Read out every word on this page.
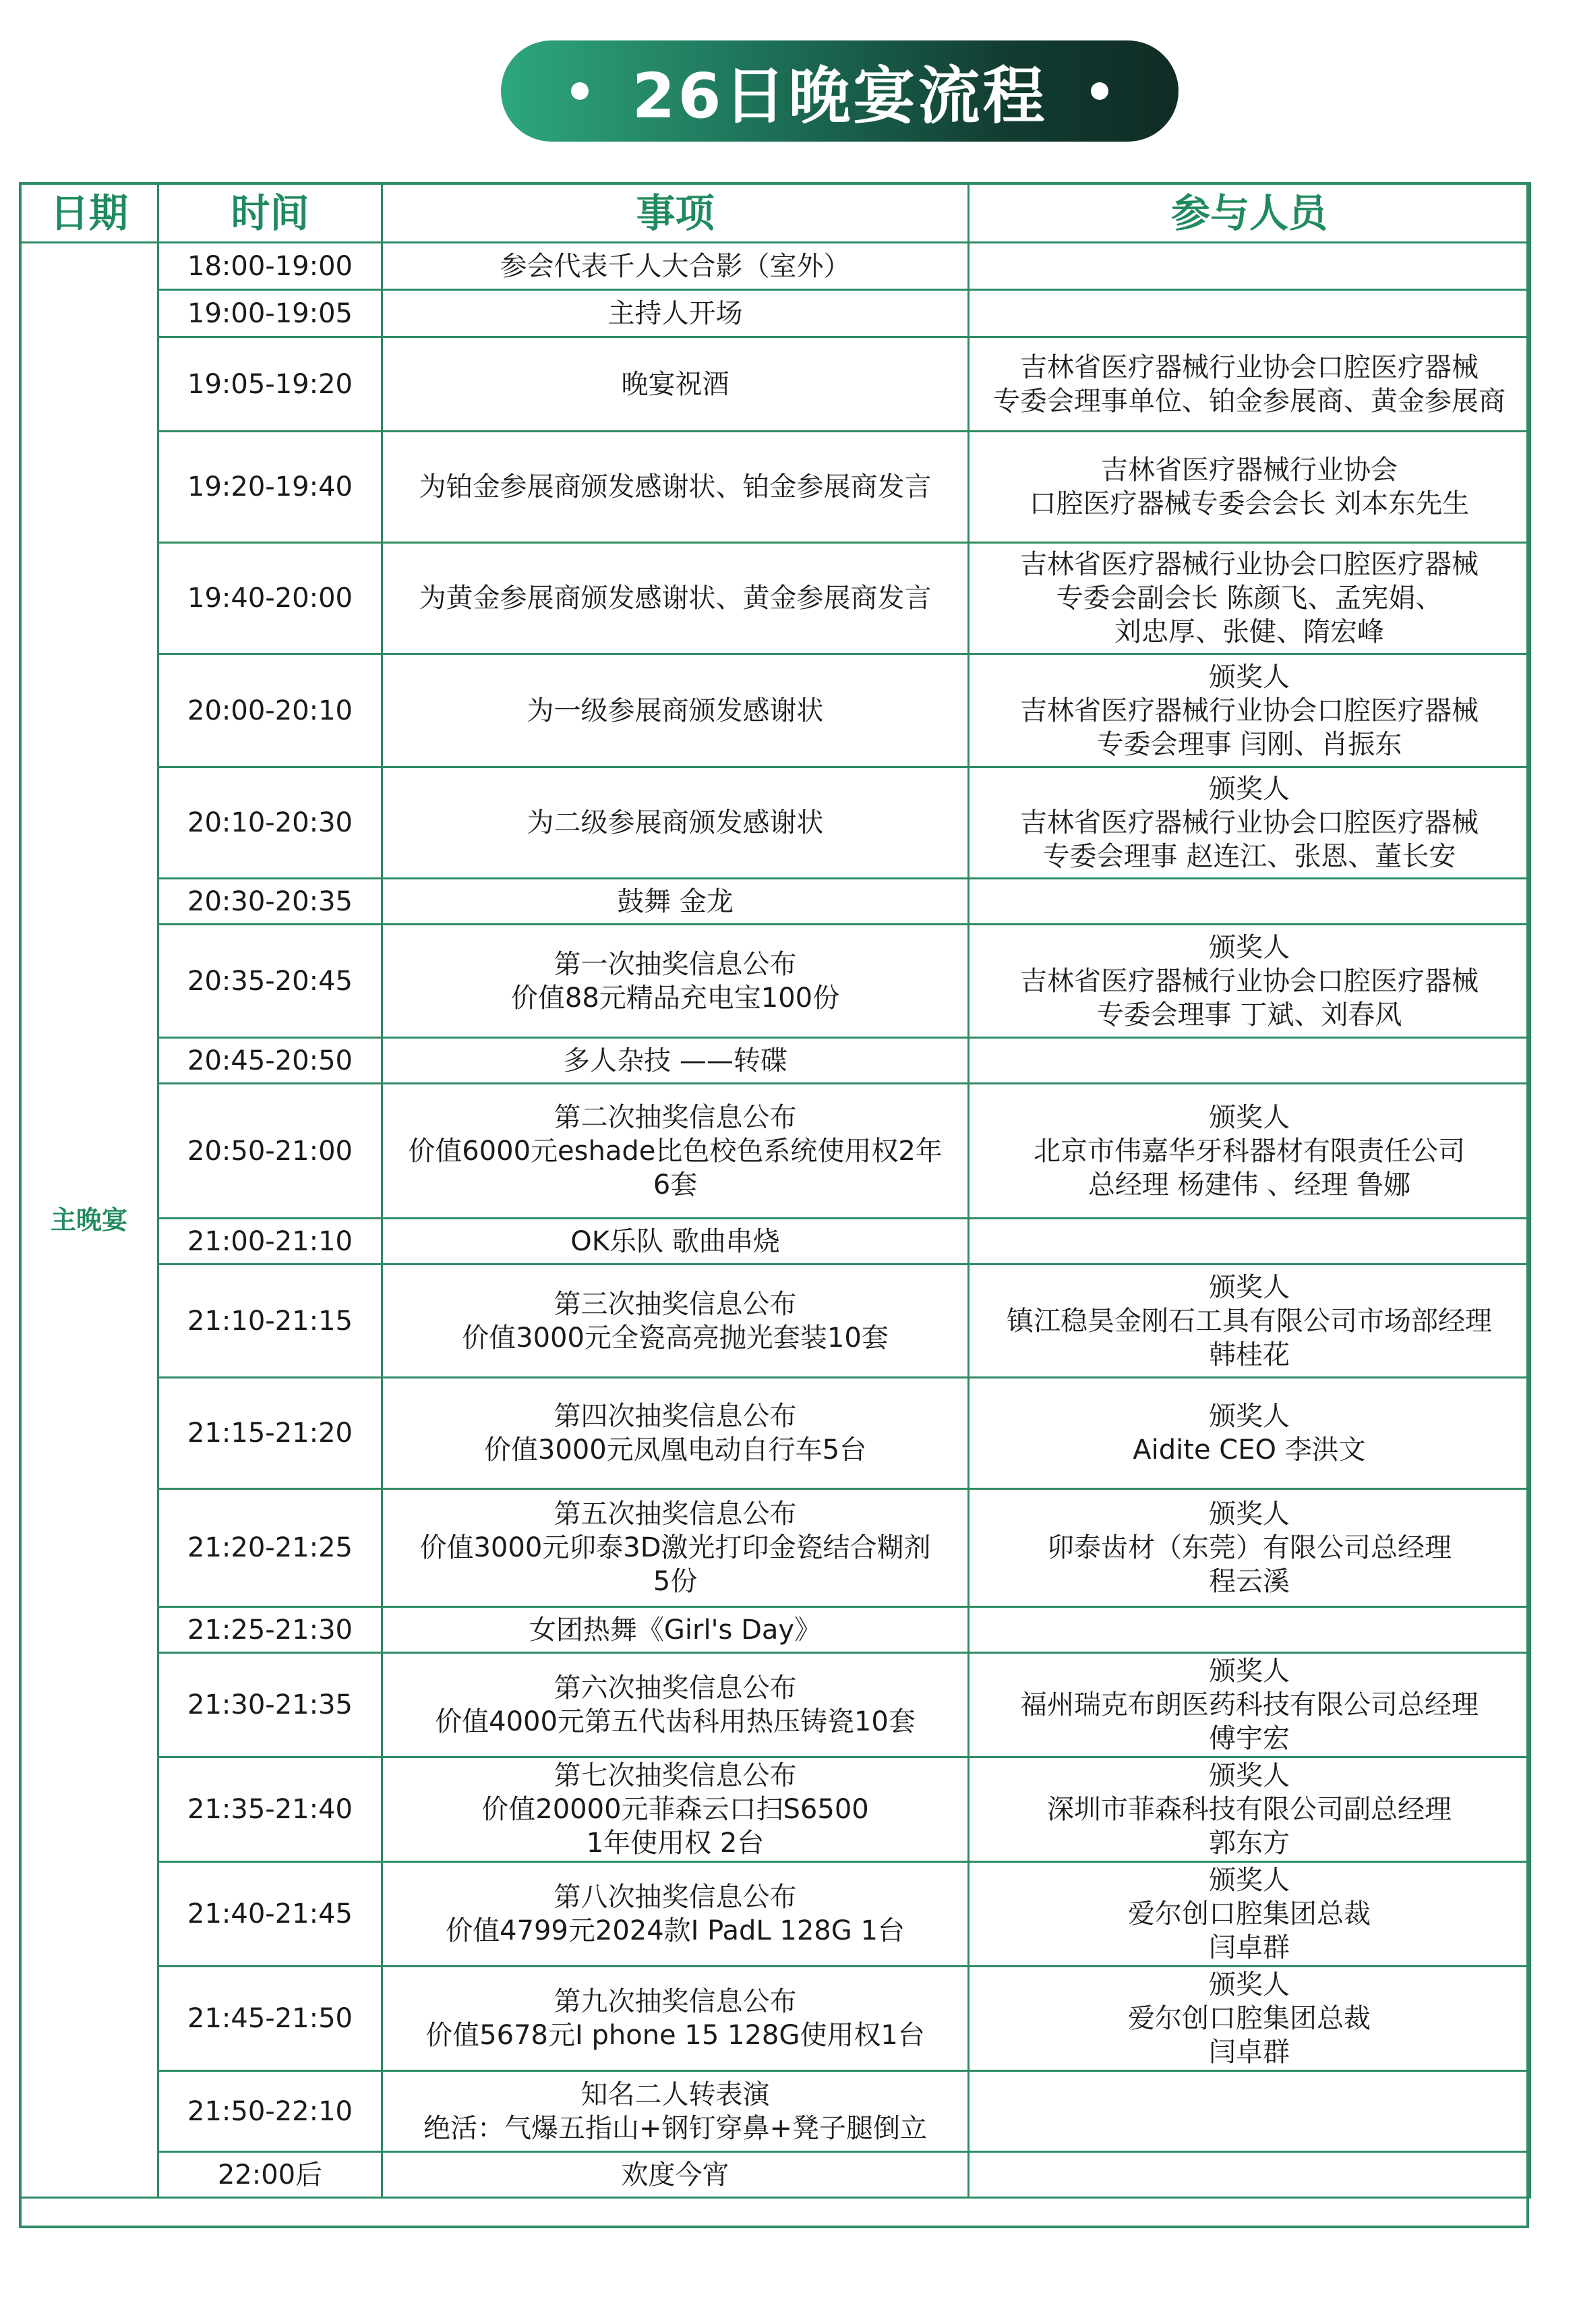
26日晚宴流程
日期	时间	事项	参与人员
主晚宴	18:00-19:00	参会代表千人大合影（室外）	
	19:00-19:05	主持人开场	
	19:05-19:20	晚宴祝酒	吉林省医疗器械行业协会口腔医疗器械
专委会理事单位、铂金参展商、黄金参展商
	19:20-19:40	为铂金参展商颁发感谢状、铂金参展商发言	吉林省医疗器械行业协会
口腔医疗器械专委会会长 刘本东先生
	19:40-20:00	为黄金参展商颁发感谢状、黄金参展商发言	吉林省医疗器械行业协会口腔医疗器械
专委会副会长 陈颜飞、孟宪娟、
刘忠厚、张健、隋宏峰
	20:00-20:10	为一级参展商颁发感谢状	颁奖人
吉林省医疗器械行业协会口腔医疗器械
专委会理事 闫刚、肖振东
	20:10-20:30	为二级参展商颁发感谢状	颁奖人
吉林省医疗器械行业协会口腔医疗器械
专委会理事 赵连江、张恩、董长安
	20:30-20:35	鼓舞 金龙	
	20:35-20:45	第一次抽奖信息公布
价值88元精品充电宝100份	颁奖人
吉林省医疗器械行业协会口腔医疗器械
专委会理事 丁斌、刘春风
	20:45-20:50	多人杂技 ——转碟	
	20:50-21:00	第二次抽奖信息公布
价值6000元eshade比色校色系统使用权2年
6套	颁奖人
北京市伟嘉华牙科器材有限责任公司
总经理 杨建伟 、经理 鲁娜
	21:00-21:10	OK乐队 歌曲串烧	
	21:10-21:15	第三次抽奖信息公布
价值3000元全瓷高亮抛光套装10套	颁奖人
镇江稳昊金刚石工具有限公司市场部经理
韩桂花
	21:15-21:20	第四次抽奖信息公布
价值3000元凤凰电动自行车5台	颁奖人
Aidite CEO 李洪文
	21:20-21:25	第五次抽奖信息公布
价值3000元卯泰3D激光打印金瓷结合糊剂
5份	颁奖人
卯泰齿材（东莞）有限公司总经理
程云溪
	21:25-21:30	女团热舞《Girl's Day》	
	21:30-21:35	第六次抽奖信息公布
价值4000元第五代齿科用热压铸瓷10套	颁奖人
福州瑞克布朗医药科技有限公司总经理
傅宇宏
	21:35-21:40	第七次抽奖信息公布
价值20000元菲森云口扫S6500
1年使用权 2台	颁奖人
深圳市菲森科技有限公司副总经理
郭东方
	21:40-21:45	第八次抽奖信息公布
价值4799元2024款I PadL 128G 1台	颁奖人
爱尔创口腔集团总裁
闫卓群
	21:45-21:50	第九次抽奖信息公布
价值5678元I phone 15 128G使用权1台	颁奖人
爱尔创口腔集团总裁
闫卓群
	21:50-22:10	知名二人转表演
绝活：气爆五指山+钢钉穿鼻+凳子腿倒立	
	22:00后	欢度今宵	
